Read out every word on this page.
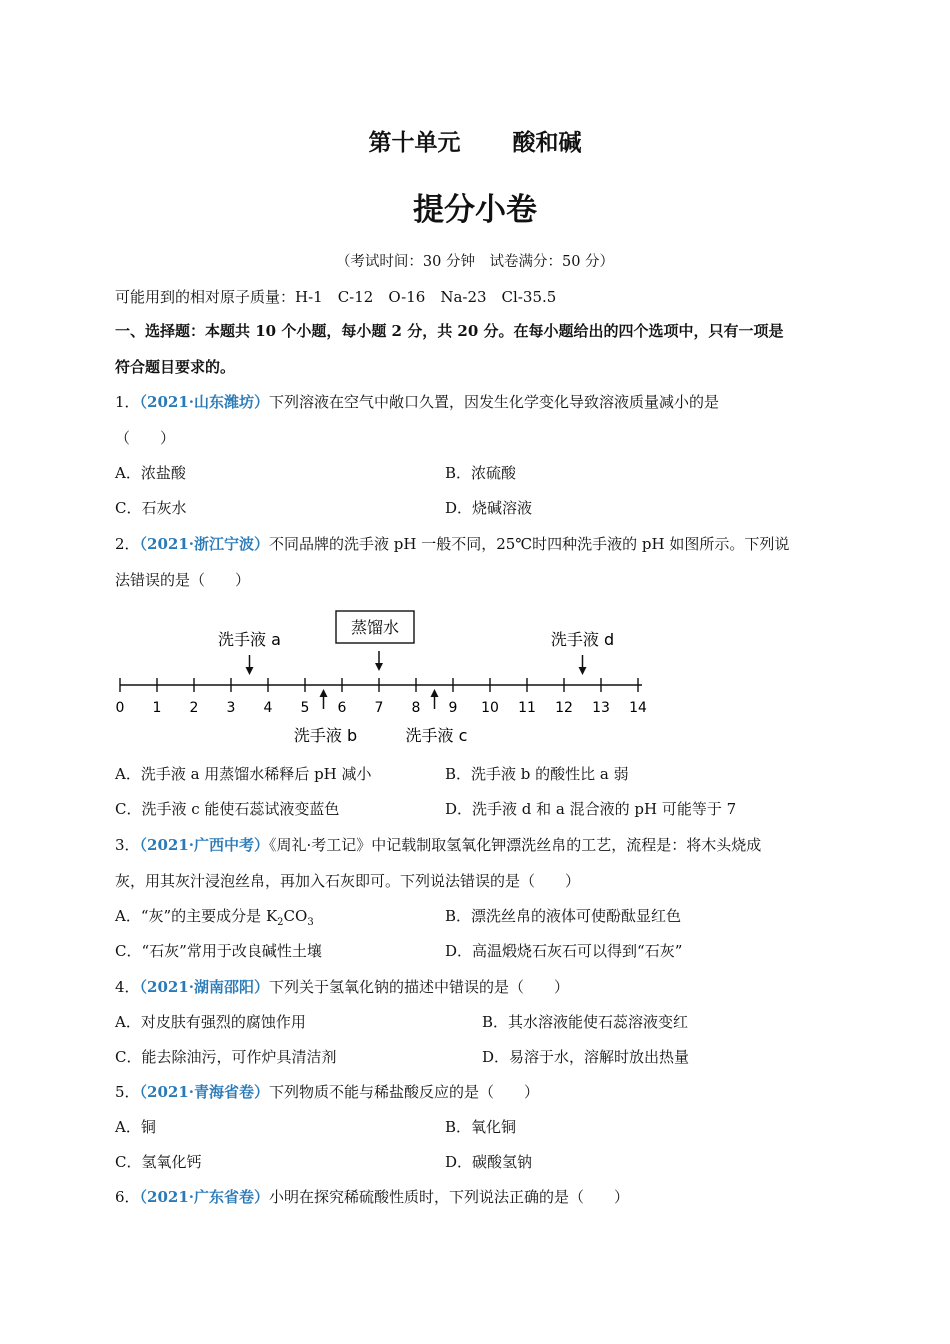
第十单元 酸和碱
提分小卷
（考试时间：30 分钟　试卷满分：50 分）
可能用到的相对原子质量：H-1　C-12　O-16　Na-23　Cl-35.5
一、选择题：本题共 10 个小题，每小题 2 分，共 20 分。在每小题给出的四个选项中，只有一项是
符合题目要求的。
1．（2021·山东潍坊）下列溶液在空气中敞口久置，因发生化学变化导致溶液质量减小的是
（　　）
A．浓盐酸	B．浓硫酸
C．石灰水	D．烧碱溶液
2．（2021·浙江宁波）不同品牌的洗手液 pH 一般不同，25℃时四种洗手液的 pH 如图所示。下列说
法错误的是（　　）
0 1 2 3 4 5 6 7 8 9 10 11 12 13 14
蒸馏水
洗手液 a
洗手液 b	洗手液 c
洗手液 d
A．洗手液 a 用蒸馏水稀释后 pH 减小	B．洗手液 b 的酸性比 a 弱
C．洗手液 c 能使石蕊试液变蓝色	D．洗手液 d 和 a 混合液的 pH 可能等于 7
3．（2021·广西中考）《周礼·考工记》中记载制取氢氧化钾漂洗丝帛的工艺，流程是：将木头烧成
灰，用其灰汁浸泡丝帛，再加入石灰即可。下列说法错误的是（　　）
A．“灰”的主要成分是 $K_2CO_3$	B．漂洗丝帛的液体可使酚酞显红色
C．“石灰”常用于改良碱性土壤	D．高温煅烧石灰石可以得到“石灰”
4．（2021·湖南邵阳）下列关于氢氧化钠的描述中错误的是（　　）
A．对皮肤有强烈的腐蚀作用	B．其水溶液能使石蕊溶液变红
C．能去除油污，可作炉具清洁剂	D．易溶于水，溶解时放出热量
5．（2021·青海省卷）下列物质不能与稀盐酸反应的是（　　）
A．铜	B．氧化铜
C．氢氧化钙	D．碳酸氢钠
6．（2021·广东省卷）小明在探究稀硫酸性质时，下列说法正确的是（　　）
